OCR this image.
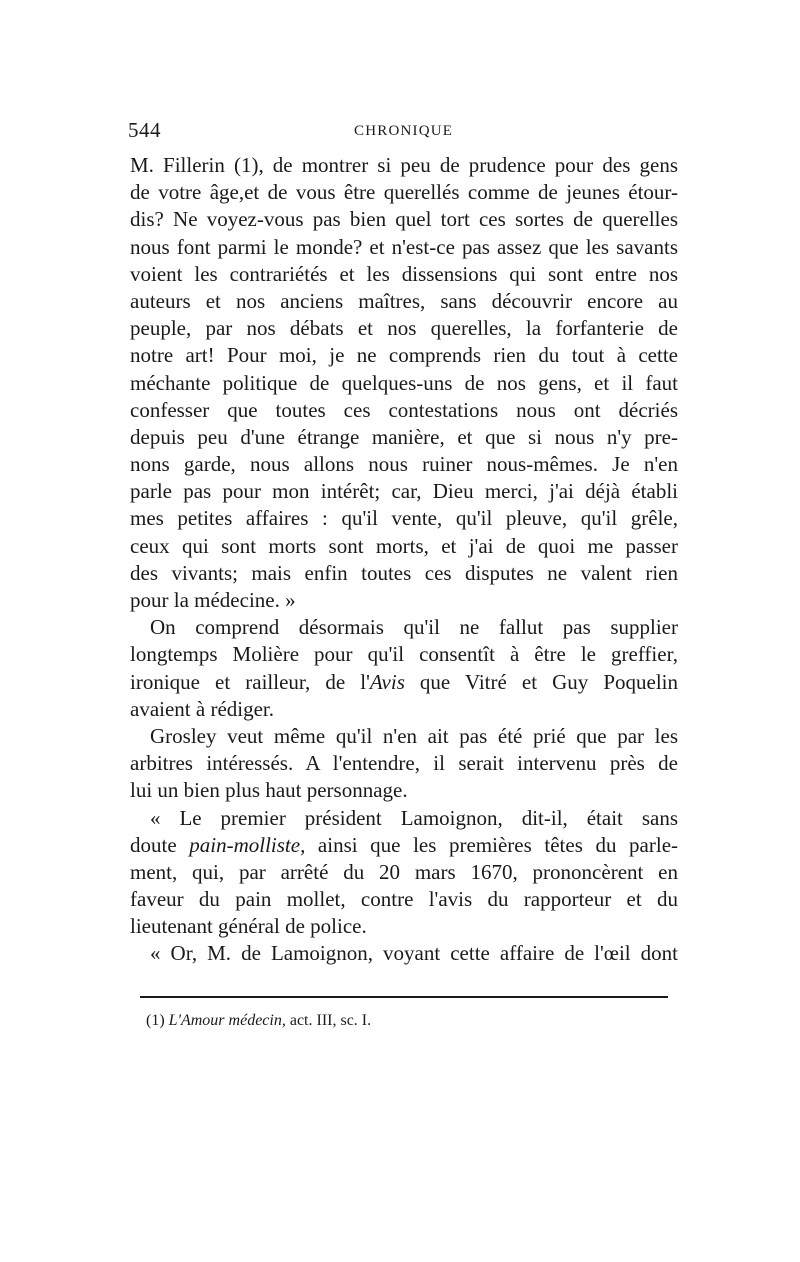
544	CHRONIQUE
M. Fillerin (1), de montrer si peu de prudence pour des gens
de votre âge,et de vous être querellés comme de jeunes étour-
dis? Ne voyez-vous pas bien quel tort ces sortes de querelles
nous font parmi le monde? et n'est-ce pas assez que les savants
voient les contrariétés et les dissensions qui sont entre nos
auteurs et nos anciens maîtres, sans découvrir encore au
peuple, par nos débats et nos querelles, la forfanterie de
notre art! Pour moi, je ne comprends rien du tout à cette
méchante politique de quelques-uns de nos gens, et il faut
confesser que toutes ces contestations nous ont décriés
depuis peu d'une étrange manière, et que si nous n'y pre-
nons garde, nous allons nous ruiner nous-mêmes. Je n'en
parle pas pour mon intérêt; car, Dieu merci, j'ai déjà établi
mes petites affaires : qu'il vente, qu'il pleuve, qu'il grêle,
ceux qui sont morts sont morts, et j'ai de quoi me passer
des vivants; mais enfin toutes ces disputes ne valent rien
pour la médecine. »
On comprend désormais qu'il ne fallut pas supplier
longtemps Molière pour qu'il consentît à être le greffier,
ironique et railleur, de l'Avis que Vitré et Guy Poquelin
avaient à rédiger.
Grosley veut même qu'il n'en ait pas été prié que par les
arbitres intéressés. A l'entendre, il serait intervenu près de
lui un bien plus haut personnage.
« Le premier président Lamoignon, dit-il, était sans
doute pain-molliste, ainsi que les premières têtes du parle-
ment, qui, par arrêté du 20 mars 1670, prononcèrent en
faveur du pain mollet, contre l'avis du rapporteur et du
lieutenant général de police.
« Or, M. de Lamoignon, voyant cette affaire de l'œil dont
(1) L'Amour médecin, act. III, sc. I.
